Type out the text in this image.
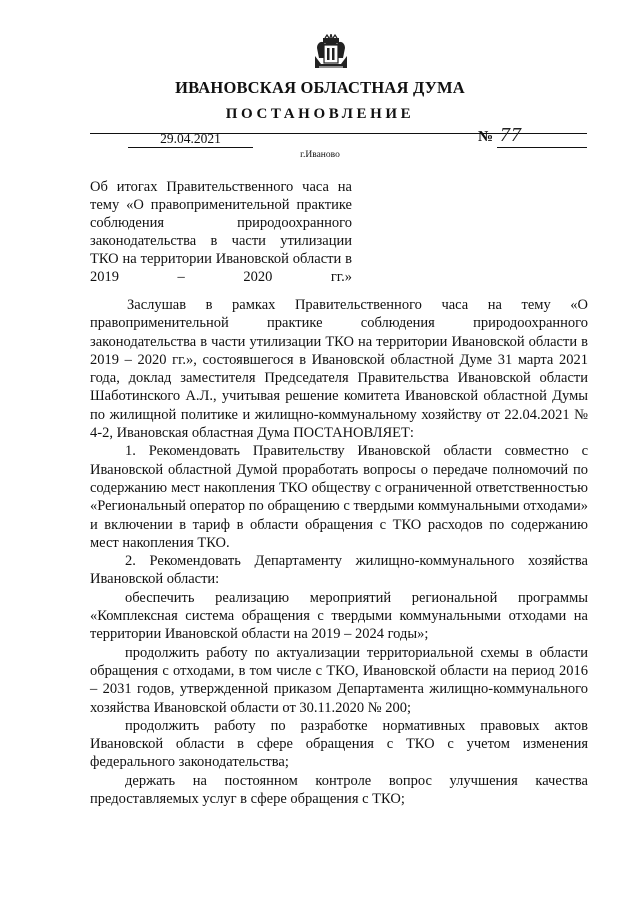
ИВАНОВСКАЯ ОБЛАСТНАЯ ДУМА
ПОСТАНОВЛЕНИЕ
29.04.2021	№ 77
г.Иваново
Об итогах Правительственного часа на тему «О правоприменительной практике соблюдения природоохранного законодательства в части утилизации ТКО на территории Ивановской области в 2019 – 2020 гг.»

Заслушав в рамках Правительственного часа на тему «О правоприменительной практике соблюдения природоохранного законодательства в части утилизации ТКО на территории Ивановской области в 2019 – 2020 гг.», состоявшегося в Ивановской областной Думе 31 марта 2021 года, доклад заместителя Председателя Правительства Ивановской области Шаботинского А.Л., учитывая решение комитета Ивановской областной Думы по жилищной политике и жилищно-коммунальному хозяйству от 22.04.2021 № 4-2, Ивановская областная Дума ПОСТАНОВЛЯЕТ:

1. Рекомендовать Правительству Ивановской области совместно с Ивановской областной Думой проработать вопросы о передаче полномочий по содержанию мест накопления ТКО обществу с ограниченной ответственностью «Региональный оператор по обращению с твердыми коммунальными отходами» и включении в тариф в области обращения с ТКО расходов по содержанию мест накопления ТКО.

2. Рекомендовать Департаменту жилищно-коммунального хозяйства Ивановской области:

обеспечить реализацию мероприятий региональной программы «Комплексная система обращения с твердыми коммунальными отходами на территории Ивановской области на 2019 – 2024 годы»;

продолжить работу по актуализации территориальной схемы в области обращения с отходами, в том числе с ТКО, Ивановской области на период 2016 – 2031 годов, утвержденной приказом Департамента жилищно-коммунального хозяйства Ивановской области от 30.11.2020 № 200;

продолжить работу по разработке нормативных правовых актов Ивановской области в сфере обращения с ТКО с учетом изменения федерального законодательства;

держать на постоянном контроле вопрос улучшения качества предоставляемых услуг в сфере обращения с ТКО;
